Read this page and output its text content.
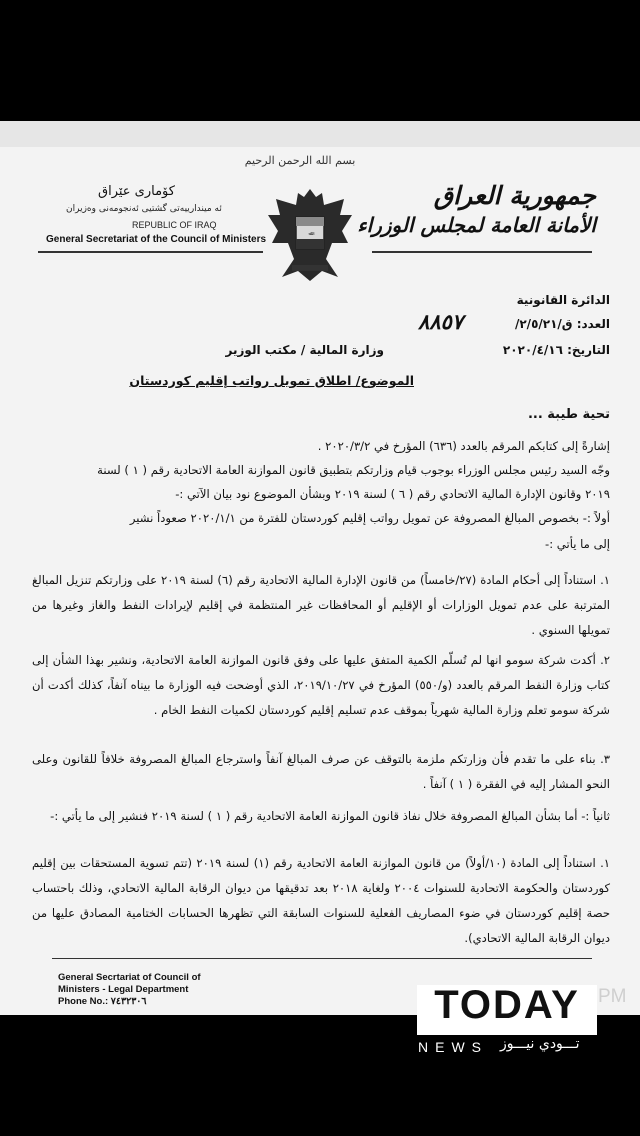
بسم الله الرحمن الرحيم
كۆماری عێراق
ئه‌ ميندارييه‌تى گشتيى ئه‌نجومه‌نى وه‌زيران
REPUBLIC OF IRAQ
General Secretariat of the Council of Ministers	ﷲ
جمهورية العراق
الأمانة العامة لمجلس الوزراء
الدائرة القانونية
العدد: ق/٢/٥/٢١/
٨٨٥٧
التاريخ: ٢٠٢٠/٤/١٦
وزارة المالية / مكتب الوزير
الموضوع/ اطلاق تمويل رواتب إقليم كوردستان
تحية طيبة ...
إشارةً إلى كتابكم المرقم بالعدد (٦٣٦) المؤرخ في ٢٠٢٠/٣/٢ .
وجّه السيد رئيس مجلس الوزراء بوجوب قيام وزارتكم بتطبيق قانون الموازنة العامة الاتحادية رقم ( ١ ) لسنة
٢٠١٩ وقانون الإدارة المالية الاتحادي رقم ( ٦ ) لسنة ٢٠١٩ وبشأن الموضوع نود بيان الآتي :-
أولاً :- بخصوص المبالغ المصروفة عن تمويل رواتب إقليم كوردستان للفترة من ٢٠٢٠/١/١ صعوداً نشير
إلى ما يأتي :-
١. استناداً إلى أحكام المادة (٢٧/خامساً) من قانون الإدارة المالية الاتحادية رقم (٦) لسنة ٢٠١٩ على وزارتكم تنزيل المبالغ المترتبة على عدم تمويل الوزارات أو الإقليم أو المحافظات غير المنتظمة في إقليم لإيرادات النفط والغاز وغيرها من تمويلها السنوي .
٢. أكدت شركة سومو انها لم تُسلّم الكمية المتفق عليها على وفق قانون الموازنة العامة الاتحادية، ونشير بهذا الشأن إلى كتاب وزارة النفط المرقم بالعدد (و/٥٥٠) المؤرخ في ٢٠١٩/١٠/٢٧، الذي أوضحت فيه الوزارة ما بيناه آنفاً، كذلك أكدت أن شركة سومو تعلم وزارة المالية شهرياً بموقف عدم تسليم إقليم كوردستان لكميات النفط الخام .
٣. بناء على ما تقدم فأن وزارتكم ملزمة بالتوقف عن صرف المبالغ آنفاً واسترجاع المبالغ المصروفة خلافاً للقانون وعلى النحو المشار إليه في الفقرة ( ١ ) آنفاً .
ثانياً :- أما بشأن المبالغ المصروفة خلال نفاذ قانون الموازنة العامة الاتحادية رقم ( ١ ) لسنة ٢٠١٩ فنشير إلى ما يأتي :-
١. استناداً إلى المادة (١٠/أولاً) من قانون الموازنة العامة الاتحادية رقم (١) لسنة ٢٠١٩ (تتم تسوية المستحقات بين إقليم كوردستان والحكومة الاتحادية للسنوات ٢٠٠٤ ولغاية ٢٠١٨ بعد تدقيقها من ديوان الرقابة المالية الاتحادي، وذلك باحتساب حصة إقليم كوردستان في ضوء المصاريف الفعلية للسنوات السابقة التي تظهرها الحسابات الختامية المصادق عليها من ديوان الرقابة المالية الاتحادي).
General Secrtariat of Council of
Ministers - Legal Department
Phone No.: ٧٤٣٢٣٠٦	TODAY PM
NEWS تـــودي نيـــوز
